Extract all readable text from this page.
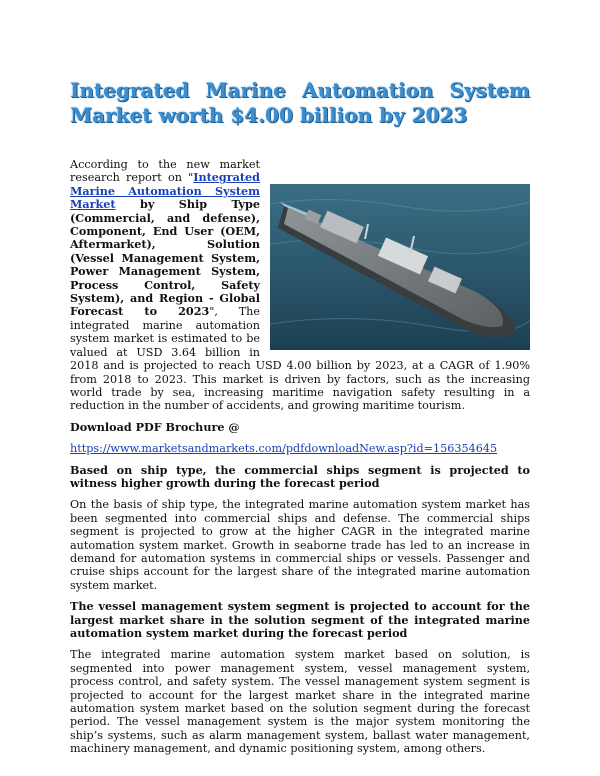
Integrated Marine Automation System Market worth $4.00 billion by 2023

According to the new market research report on "Integrated Marine Automation System Market by Ship Type (Commercial, and defense), Component, End User (OEM, Aftermarket), Solution (Vessel Management System, Power Management System, Process Control, Safety System), and Region - Global Forecast to 2023", The integrated marine automation system market is estimated to be valued at USD 3.64 billion in 2018 and is projected to reach USD 4.00 billion by 2023, at a CAGR of 1.90% from 2018 to 2023. This market is driven by factors, such as the increasing world trade by sea, increasing maritime navigation safety resulting in a reduction in the number of accidents, and growing maritime tourism.

Download PDF Brochure @

https://www.marketsandmarkets.com/pdfdownloadNew.asp?id=156354645

Based on ship type, the commercial ships segment is projected to witness higher growth during the forecast period

On the basis of ship type, the integrated marine automation system market has been segmented into commercial ships and defense. The commercial ships segment is projected to grow at the higher CAGR in the integrated marine automation system market. Growth in seaborne trade has led to an increase in demand for automation systems in commercial ships or vessels. Passenger and cruise ships account for the largest share of the integrated marine automation system market.

The vessel management system segment is projected to account for the largest market share in the solution segment of the integrated marine automation system market during the forecast period

The integrated marine automation system market based on solution, is segmented into power management system, vessel management system, process control, and safety system. The vessel management system segment is projected to account for the largest market share in the integrated marine automation system market based on the solution segment during the forecast period. The vessel management system is the major system monitoring the ship’s systems, such as alarm management system, ballast water management, machinery management, and dynamic positioning system, among others.
